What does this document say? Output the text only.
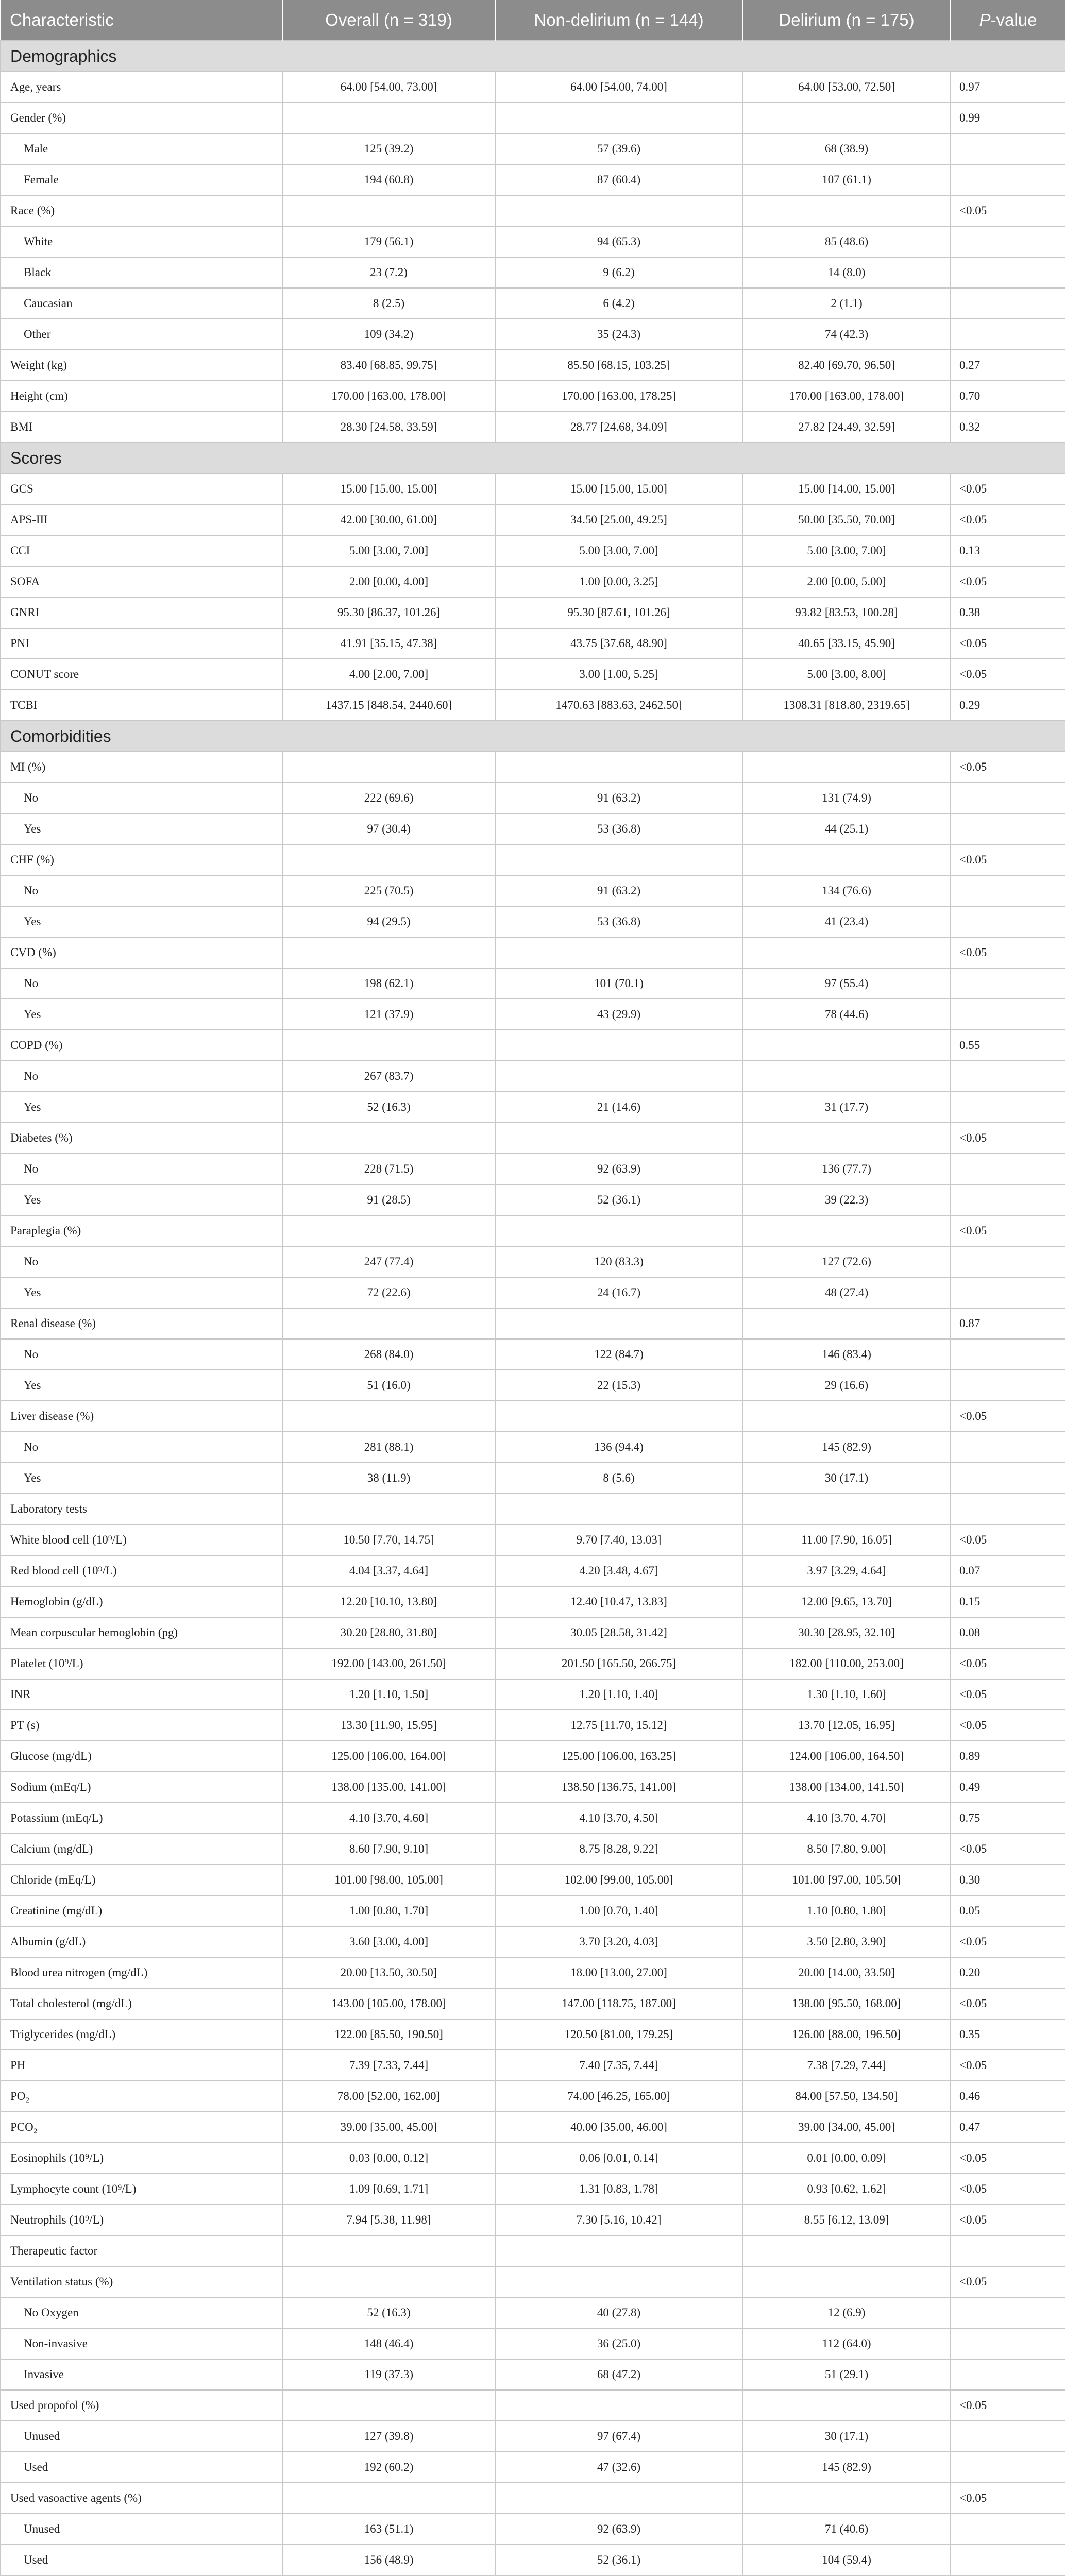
Characteristic	Overall (n = 319)	Non-delirium (n = 144)	Delirium (n = 175)	P-value
Demographics				
Age, years	64.00 [54.00, 73.00]	64.00 [54.00, 74.00]	64.00 [53.00, 72.50]	0.97
Gender (%)				0.99
Male	125 (39.2)	57 (39.6)	68 (38.9)	
Female	194 (60.8)	87 (60.4)	107 (61.1)	
Race (%)				<0.05
White	179 (56.1)	94 (65.3)	85 (48.6)	
Black	23 (7.2)	9 (6.2)	14 (8.0)	
Caucasian	8 (2.5)	6 (4.2)	2 (1.1)	
Other	109 (34.2)	35 (24.3)	74 (42.3)	
Weight (kg)	83.40 [68.85, 99.75]	85.50 [68.15, 103.25]	82.40 [69.70, 96.50]	0.27
Height (cm)	170.00 [163.00, 178.00]	170.00 [163.00, 178.25]	170.00 [163.00, 178.00]	0.70
BMI	28.30 [24.58, 33.59]	28.77 [24.68, 34.09]	27.82 [24.49, 32.59]	0.32
Scores				
GCS	15.00 [15.00, 15.00]	15.00 [15.00, 15.00]	15.00 [14.00, 15.00]	<0.05
APS-III	42.00 [30.00, 61.00]	34.50 [25.00, 49.25]	50.00 [35.50, 70.00]	<0.05
CCI	5.00 [3.00, 7.00]	5.00 [3.00, 7.00]	5.00 [3.00, 7.00]	0.13
SOFA	2.00 [0.00, 4.00]	1.00 [0.00, 3.25]	2.00 [0.00, 5.00]	<0.05
GNRI	95.30 [86.37, 101.26]	95.30 [87.61, 101.26]	93.82 [83.53, 100.28]	0.38
PNI	41.91 [35.15, 47.38]	43.75 [37.68, 48.90]	40.65 [33.15, 45.90]	<0.05
CONUT score	4.00 [2.00, 7.00]	3.00 [1.00, 5.25]	5.00 [3.00, 8.00]	<0.05
TCBI	1437.15 [848.54, 2440.60]	1470.63 [883.63, 2462.50]	1308.31 [818.80, 2319.65]	0.29
Comorbidities				
MI (%)				<0.05
No	222 (69.6)	91 (63.2)	131 (74.9)	
Yes	97 (30.4)	53 (36.8)	44 (25.1)	
CHF (%)				<0.05
No	225 (70.5)	91 (63.2)	134 (76.6)	
Yes	94 (29.5)	53 (36.8)	41 (23.4)	
CVD (%)				<0.05
No	198 (62.1)	101 (70.1)	97 (55.4)	
Yes	121 (37.9)	43 (29.9)	78 (44.6)	
COPD (%)				0.55
No	267 (83.7)			
Yes	52 (16.3)	21 (14.6)	31 (17.7)	
Diabetes (%)				<0.05
No	228 (71.5)	92 (63.9)	136 (77.7)	
Yes	91 (28.5)	52 (36.1)	39 (22.3)	
Paraplegia (%)				<0.05
No	247 (77.4)	120 (83.3)	127 (72.6)	
Yes	72 (22.6)	24 (16.7)	48 (27.4)	
Renal disease (%)				0.87
No	268 (84.0)	122 (84.7)	146 (83.4)	
Yes	51 (16.0)	22 (15.3)	29 (16.6)	
Liver disease (%)				<0.05
No	281 (88.1)	136 (94.4)	145 (82.9)	
Yes	38 (11.9)	8 (5.6)	30 (17.1)	
Laboratory tests				
White blood cell (10⁹/L)	10.50 [7.70, 14.75]	9.70 [7.40, 13.03]	11.00 [7.90, 16.05]	<0.05
Red blood cell (10⁹/L)	4.04 [3.37, 4.64]	4.20 [3.48, 4.67]	3.97 [3.29, 4.64]	0.07
Hemoglobin (g/dL)	12.20 [10.10, 13.80]	12.40 [10.47, 13.83]	12.00 [9.65, 13.70]	0.15
Mean corpuscular hemoglobin (pg)	30.20 [28.80, 31.80]	30.05 [28.58, 31.42]	30.30 [28.95, 32.10]	0.08
Platelet (10⁹/L)	192.00 [143.00, 261.50]	201.50 [165.50, 266.75]	182.00 [110.00, 253.00]	<0.05
INR	1.20 [1.10, 1.50]	1.20 [1.10, 1.40]	1.30 [1.10, 1.60]	<0.05
PT (s)	13.30 [11.90, 15.95]	12.75 [11.70, 15.12]	13.70 [12.05, 16.95]	<0.05
Glucose (mg/dL)	125.00 [106.00, 164.00]	125.00 [106.00, 163.25]	124.00 [106.00, 164.50]	0.89
Sodium (mEq/L)	138.00 [135.00, 141.00]	138.50 [136.75, 141.00]	138.00 [134.00, 141.50]	0.49
Potassium (mEq/L)	4.10 [3.70, 4.60]	4.10 [3.70, 4.50]	4.10 [3.70, 4.70]	0.75
Calcium (mg/dL)	8.60 [7.90, 9.10]	8.75 [8.28, 9.22]	8.50 [7.80, 9.00]	<0.05
Chloride (mEq/L)	101.00 [98.00, 105.00]	102.00 [99.00, 105.00]	101.00 [97.00, 105.50]	0.30
Creatinine (mg/dL)	1.00 [0.80, 1.70]	1.00 [0.70, 1.40]	1.10 [0.80, 1.80]	0.05
Albumin (g/dL)	3.60 [3.00, 4.00]	3.70 [3.20, 4.03]	3.50 [2.80, 3.90]	<0.05
Blood urea nitrogen (mg/dL)	20.00 [13.50, 30.50]	18.00 [13.00, 27.00]	20.00 [14.00, 33.50]	0.20
Total cholesterol (mg/dL)	143.00 [105.00, 178.00]	147.00 [118.75, 187.00]	138.00 [95.50, 168.00]	<0.05
Triglycerides (mg/dL)	122.00 [85.50, 190.50]	120.50 [81.00, 179.25]	126.00 [88.00, 196.50]	0.35
PH	7.39 [7.33, 7.44]	7.40 [7.35, 7.44]	7.38 [7.29, 7.44]	<0.05
PO₂	78.00 [52.00, 162.00]	74.00 [46.25, 165.00]	84.00 [57.50, 134.50]	0.46
PCO₂	39.00 [35.00, 45.00]	40.00 [35.00, 46.00]	39.00 [34.00, 45.00]	0.47
Eosinophils (10⁹/L)	0.03 [0.00, 0.12]	0.06 [0.01, 0.14]	0.01 [0.00, 0.09]	<0.05
Lymphocyte count (10⁹/L)	1.09 [0.69, 1.71]	1.31 [0.83, 1.78]	0.93 [0.62, 1.62]	<0.05
Neutrophils (10⁹/L)	7.94 [5.38, 11.98]	7.30 [5.16, 10.42]	8.55 [6.12, 13.09]	<0.05
Therapeutic factor				
Ventilation status (%)				<0.05
No Oxygen	52 (16.3)	40 (27.8)	12 (6.9)	
Non-invasive	148 (46.4)	36 (25.0)	112 (64.0)	
Invasive	119 (37.3)	68 (47.2)	51 (29.1)	
Used propofol (%)				<0.05
Unused	127 (39.8)	97 (67.4)	30 (17.1)	
Used	192 (60.2)	47 (32.6)	145 (82.9)	
Used vasoactive agents (%)				<0.05
Unused	163 (51.1)	92 (63.9)	71 (40.6)	
Used	156 (48.9)	52 (36.1)	104 (59.4)	
